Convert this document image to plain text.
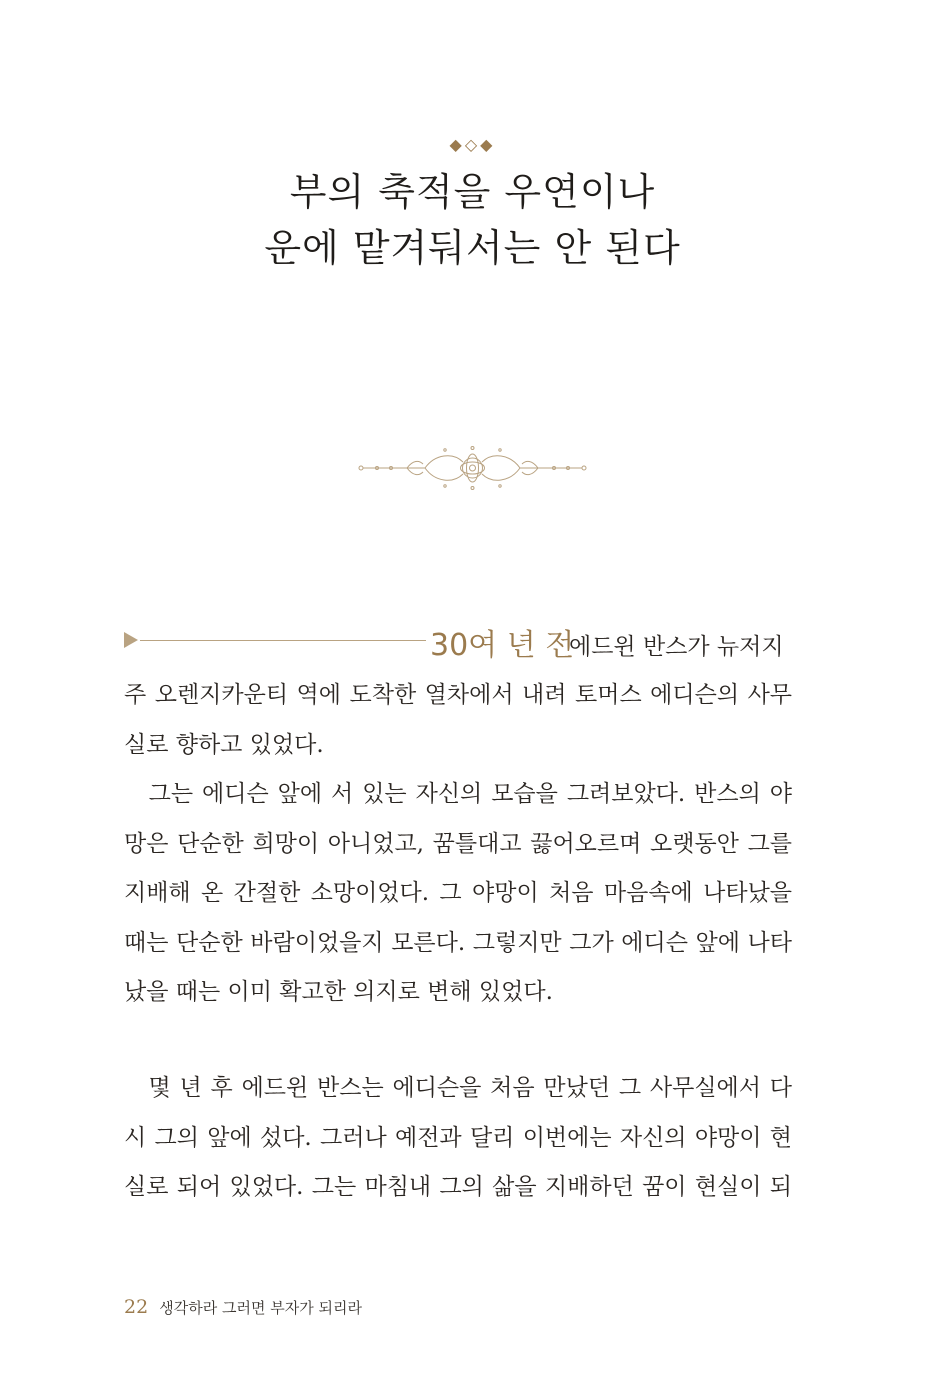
◆◇◆
부의 축적을 우연이나
운에 맡겨둬서는 안 된다
30여 년 전
에드윈 반스가 뉴저지
주 오렌지카운티 역에 도착한 열차에서 내려 토머스 에디슨의 사무
실로 향하고 있었다.
　그는 에디슨 앞에 서 있는 자신의 모습을 그려보았다. 반스의 야
망은 단순한 희망이 아니었고, 꿈틀대고 끓어오르며 오랫동안 그를
지배해 온 간절한 소망이었다. 그 야망이 처음 마음속에 나타났을
때는 단순한 바람이었을지 모른다. 그렇지만 그가 에디슨 앞에 나타
났을 때는 이미 확고한 의지로 변해 있었다.
　몇 년 후 에드윈 반스는 에디슨을 처음 만났던 그 사무실에서 다
시 그의 앞에 섰다. 그러나 예전과 달리 이번에는 자신의 야망이 현
실로 되어 있었다. 그는 마침내 그의 삶을 지배하던 꿈이 현실이 되
22 생각하라 그러면 부자가 되리라
